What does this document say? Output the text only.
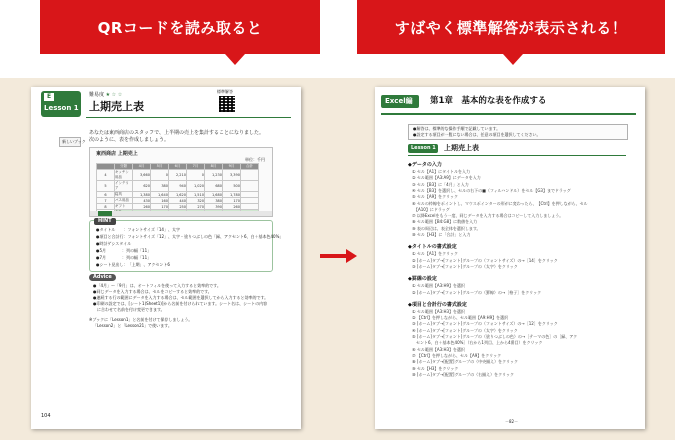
QRコードを読み取ると	すばやく標準解答が表示される！
E
Lesson 1
難易度 ★ ☆ ☆
上期売上表
標準解答
新しいブック
あなたは東西商店のスタッフで、上半期の売上を集計することになりました。
次のように、表を作成しましょう。
東西商店 上期売上
単位：千円
	分類	4月	5月	6月	7月	8月	9月	合計
4	キッチン用品	3,660	0	2,210	0	1,230	3,390	
5	インテリア	620	380	940	1,020	680	500	
6	寝具	1,380	1,640	1,620	1,510	1,680	1,780	
7	バス用品	430	160	440	320	380	170	
8	ギフト	260	170	250	270	390	260	

HINT
●タイトル　　：フォントサイズ「14」、太字
●項目と合計行：フォントサイズ「12」、太字・塗りつぶしの色「緑、アクセント6、白＋基本色40%」
●時計ゲシスタイル
●5月　　　　：列の幅「11」
●7月　　　　：列の幅「11」
●シート見出し：「上期」、アクセント6
Advice
●「4月」～「9月」は、オートフィルを使って入力すると効率的です。
●同じデータを入力する場合は、セルをコピーすると効率的です。
●連続する行の範囲にデータを入力する場合は、セル範囲を選択してから入力すると効率的です。
●印刷の設定では、[シート1(Sheet1)]から名前を付けられています。シート名は、シートの内容
　に合わせて名前を付け変更できます。
※ブックに「Lesson1」と名前を付けて保存しましょう。
「Lesson2」と「Lesson21」で使います。
104
Excel編 第1章　基本的な表を作成する
●解答は、標準的な操作手順で記載しています。
●設定する項目が一覧にない場合は、任意の項目を選択してください。
Lesson 1 上期売上表
◆データの入力
① セル【A1】にタイトルを入力
② セル範囲【A3:A9】にデータを入力
③ セル【B3】に「4月」と入力
④ セル【B3】を選択し、セルの右下の■（フィルハンドル）をセル【G3】までドラッグ
⑤ セル【A9】をクリック
⑥ セルの枠線をポイントし、マウスポインターの形がに変わったら、【Ctrl】を押しながら、セル
　【A10】にドラッグ
⑦ 以降Excelをもう一度、同じデータを入力する場合はコピーして入力しましょう。
⑧ セル範囲【B4:G8】に数値を入力
⑨ 表の周辺は、表全体を選択します。
⑩ セル【H3】に「合計」と入力
◆タイトルの書式設定
① セル【A1】をクリック
② [ホーム]タブ→[フォント]グループの（フォントサイズ）の→［14］をクリック
③ [ホーム]タブ→[フォント]グループの（太字）をクリック
◆罫線の設定
① セル範囲【A3:H9】を選択
② [ホーム]タブ→[フォント]グループの（罫線）の→［格子］をクリック
◆項目と合計行の書式設定
① セル範囲【A3:H3】を選択
② 【Ctrl】を押しながら、セル範囲【A9:H9】を選択
③ [ホーム]タブ→[フォント]グループの（フォントサイズ）の→［12］をクリック
④ [ホーム]タブ→[フォント]グループの（太字）をクリック
⑤ [ホーム]タブ→[フォント]グループの（塗りつぶしの色）の→［テーマの色］の［緑、アク
　セント6、白＋基本色40%］（右から1列目、上から4番目）をクリック
⑥ セル範囲【A3:H3】を選択
⑦ 【Ctrl】を押しながら、セル【A9】をクリック
⑧ [ホーム]タブ→[配置]グループの（中央揃え）をクリック
⑨ セル【H3】をクリック
⑩ [ホーム]タブ→[配置]グループの（右揃え）をクリック
－82－
